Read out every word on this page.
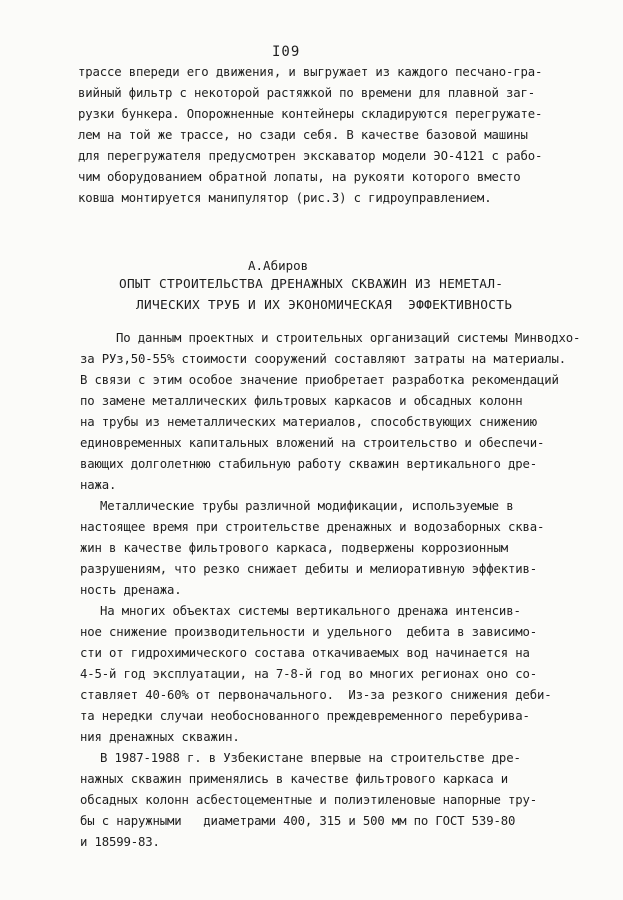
I09
трассе впереди его движения, и выгружает из каждого песчано-гра-
вийный фильтр с некоторой растяжкой по времени для плавной заг-
рузки бункера. Опорожненные контейнеры складируются перегружате-
лем на той же трассе, но сзади себя. В качестве базовой машины
для перегружателя предусмотрен экскаватор модели ЭО-4121 с рабо-
чим оборудованием обратной лопаты, на рукояти которого вместо
ковша монтируется манипулятор (рис.3) с гидроуправлением.
А.Абиров
ОПЫТ СТРОИТЕЛЬСТВА ДРЕНАЖНЫХ СКВАЖИН ИЗ НЕМЕТАЛ-
ЛИЧЕСКИХ ТРУБ И ИХ ЭКОНОМИЧЕСКАЯ  ЭФФЕКТИВНОСТЬ
По данным проектных и строительных организаций системы Минводхо-
за РУз,50-55% стоимости сооружений составляют затраты на материалы.
В связи с этим особое значение приобретает разработка рекомендаций
по замене металлических фильтровых каркасов и обсадных колонн
на трубы из неметаллических материалов, способствующих снижению
единовременных капитальных вложений на строительство и обеспечи-
вающих долголетнюю стабильную работу скважин вертикального дре-
нажа.
Металлические трубы различной модификации, используемые в
настоящее время при строительстве дренажных и водозаборных сква-
жин в качестве фильтрового каркаса, подвержены коррозионным
разрушениям, что резко снижает дебиты и мелиоративную эффектив-
ность дренажа.
На многих объектах системы вертикального дренажа интенсив-
ное снижение производительности и удельного  дебита в зависимо-
сти от гидрохимического состава откачиваемых вод начинается на
4-5-й год эксплуатации, на 7-8-й год во многих регионах оно со-
ставляет 40-60% от первоначального.  Из-за резкого снижения деби-
та нередки случаи необоснованного преждевременного перебуривa-
ния дренажных скважин.
В 1987-1988 г. в Узбекистане впервые на строительстве дре-
нажных скважин применялись в качестве фильтрового каркаса и
обсадных колонн асбестоцементные и полиэтиленовые напорные тру-
бы с наружными   диаметрами 400, 315 и 500 мм по ГОСТ 539-80
и 18599-83.
